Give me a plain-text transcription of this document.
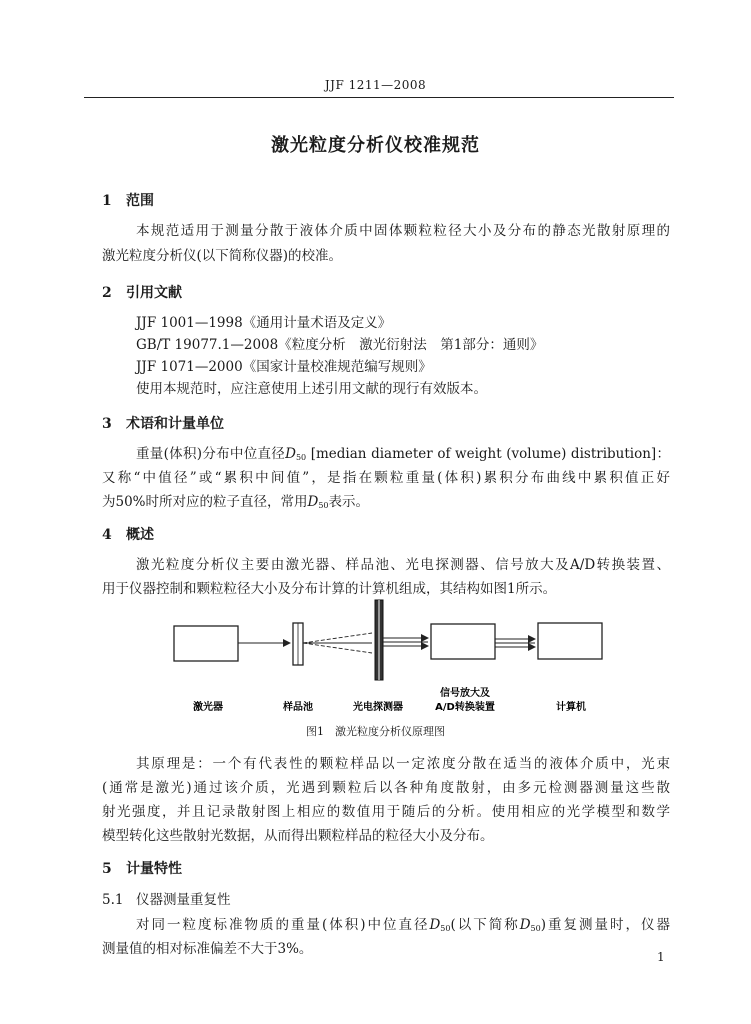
JJF 1211—2008
激光粒度分析仪校准规范
1 范围
本规范适用于测量分散于液体介质中固体颗粒粒径大小及分布的静态光散射原理的
激光粒度分析仪(以下简称仪器)的校准。
2 引用文献
JJF 1001—1998《通用计量术语及定义》
GB/T 19077.1—2008《粒度分析　激光衍射法　第1部分：通则》
JJF 1071—2000《国家计量校准规范编写规则》
使用本规范时，应注意使用上述引用文献的现行有效版本。
3 术语和计量单位
重量(体积)分布中位直径$D_{50}$ [median diameter of weight (volume) distribution]：
又称“中值径”或“累积中间值”，是指在颗粒重量(体积)累积分布曲线中累积值正好
为50%时所对应的粒子直径，常用$D_{50}$表示。
4 概述
激光粒度分析仪主要由激光器、样品池、光电探测器、信号放大及A/D转换装置、
用于仪器控制和颗粒粒径大小及分布计算的计算机组成，其结构如图1所示。
激光器	样品池	光电探测器
信号放大及
A/D转换装置	计算机
图1　激光粒度分析仪原理图
其原理是：一个有代表性的颗粒样品以一定浓度分散在适当的液体介质中，光束
(通常是激光)通过该介质，光遇到颗粒后以各种角度散射，由多元检测器测量这些散
射光强度，并且记录散射图上相应的数值用于随后的分析。使用相应的光学模型和数学
模型转化这些散射光数据，从而得出颗粒样品的粒径大小及分布。
5 计量特性
5.1 仪器测量重复性
对同一粒度标准物质的重量(体积)中位直径$D_{50}$(以下简称$D_{50}$)重复测量时，仪器
测量值的相对标准偏差不大于3%。	1
